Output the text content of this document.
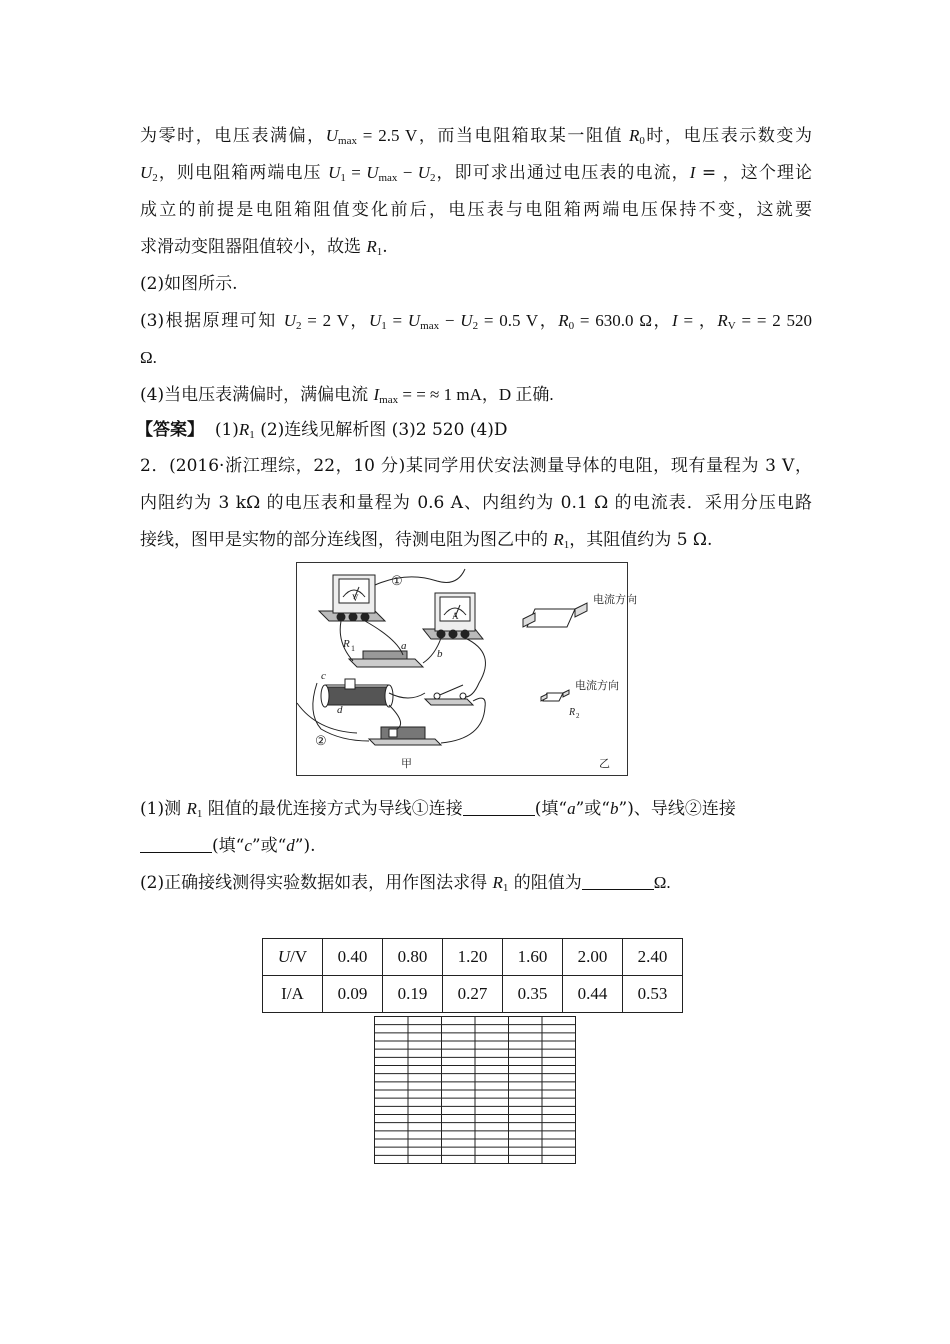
为零时，电压表满偏，$U_{max} = 2.5$ V，而当电阻箱取某一阻值 $R_0$时，电压表示数变为
$U_2$，则电阻箱两端电压 $U_1 = U_{max} - U_2$，即可求出通过电压表的电流，I = ，这个理论
成立的前提是电阻箱阻值变化前后，电压表与电阻箱两端电压保持不变，这就要
求滑动变阻器阻值较小，故选 $R_1$.
(2)如图所示.
(3)根据原理可知 $U_2 = 2$ V，$U_1 = U_{max} - U_2 = 0.5$ V，$R_0 = 630.0$ Ω，I = ，$R_V$ = = 2 520
Ω.
(4)当电压表满偏时，满偏电流 $I_{max}$ = = ≈ 1 mA，D 正确.
【答案】 $(1)R_1$ (2)连线见解析图 (3)2 520 (4)D
2．(2016·浙江理综，22，10 分)某同学用伏安法测量导体的电阻，现有量程为 3 V，
内阻约为 3 kΩ 的电压表和量程为 0.6 A、内组约为 0.1 Ω 的电流表．采用分压电路
接线，图甲是实物的部分连线图，待测电阻为图乙中的 $R_1$，其阻值约为 5 Ω.
V
A
R 1	a
b
c
d
①
②
甲
电流方向
电流方向
R 2
乙
(1)测 $R_1$ 阻值的最优连接方式为导线①连接	(填“a”或“b”)、导线②连接
(填“c”或“d”).
(2)正确接线测得实验数据如表，用作图法求得 $R_1$ 的阻值为	Ω.
U/V	0.40	0.80	1.20	1.60	2.00	2.40
I/A	0.09	0.19	0.27	0.35	0.44	0.53
